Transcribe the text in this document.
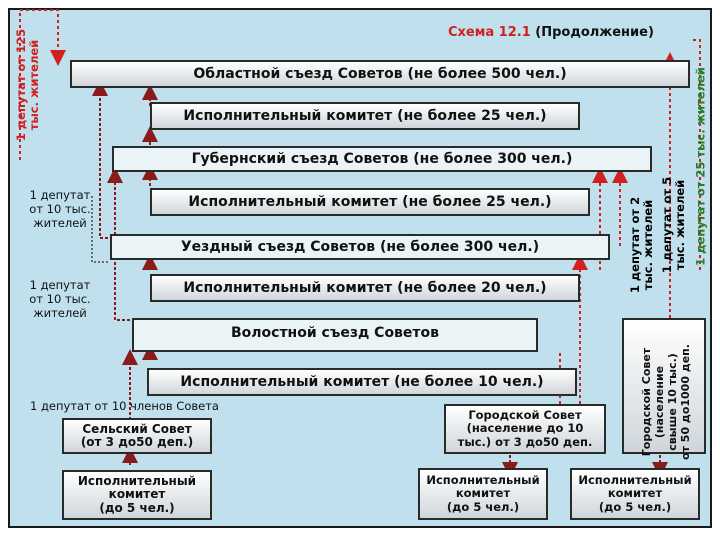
Схема 12.1 (Продолжение)
1 депутат от 125 тыс. жителей	Областной съезд Советов (не более 500 чел.)
Исполнительный комитет (не более 25 чел.)
Губернский съезд Советов (не более 300 чел.)
Исполнительный комитет (не более 25 чел.)
Уездный съезд Советов (не более 300 чел.)
Исполнительный комитет (не более 20 чел.)
Волостной съезд Советов
Исполнительный комитет (не более 10 чел.)
Сельский Совет
(от 3 до50 деп.)
Исполнительный
комитет
(до 5 чел.)
Городской Совет
(население до 10
тыс.) от 3 до50 деп.
Исполнительный
комитет
(до 5 чел.)
Городской Совет (население свыше 10 тыс.) от 50 до1000 деп.
Исполнительный
комитет
(до 5 чел.)
1 депутат
от 10 тыс.
жителей
1 депутат
от 10 тыс.
жителей
1 депутат от 10 членов Совета
1 депутат от 2 тыс. жителей 1 депутат от 5 тыс. жителей 1 депутат от 25 тыс. жителей
